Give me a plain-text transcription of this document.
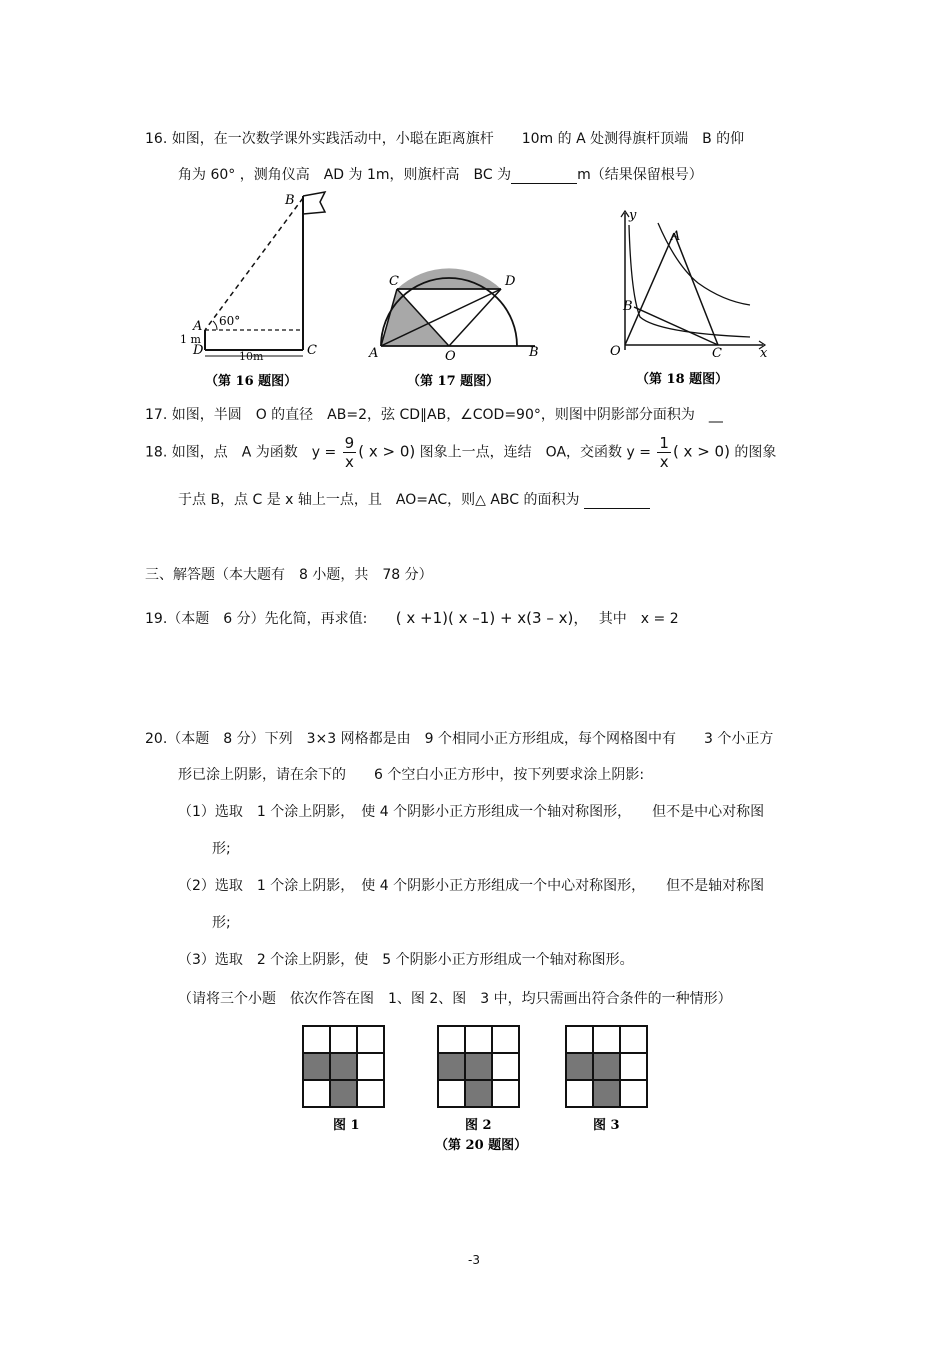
16. 如图，在一次数学课外实践活动中，小聪在距离旗杆　　10m 的 A 处测得旗杆顶端　B 的仰
角为 60° ，测角仪高　AD 为 1m，则旗杆高　BC 为	m（结果保留根号）
B
A
D	C
60°
1 m
10m
（第 16 题图）
C	D
A	O	B
（第 17 题图）
y
A
B
O	C	x
（第 18 题图）
17. 如图，半圆　O 的直径　AB=2，弦 CD∥AB，∠COD=90°，则图中阴影部分面积为　__
18. 如图，点　A 为函数　$y = \frac{9}{x}$ ( x > 0) 图象上一点，连结　OA，交函数 $y = \frac{1}{x}$ ( x > 0) 的图象
于点 B，点 C 是 x 轴上一点，且　AO=AC，则△ ABC 的面积为
三、解答题（本大题有　8 小题，共　78 分）
19.（本题　6 分）先化简，再求值: ( x +1)( x –1) + x(3 – x)， 其中　x = 2
20.（本题　8 分）下列　3×3 网格都是由　9 个相同小正方形组成，每个网格图中有　　3 个小正方
形已涂上阴影，请在余下的　　6 个空白小正方形中，按下列要求涂上阴影:
（1）选取　1 个涂上阴影，　使 4 个阴影小正方形组成一个轴对称图形，　　但不是中心对称图
形;
（2）选取　1 个涂上阴影，　使 4 个阴影小正方形组成一个中心对称图形，　　但不是轴对称图
形;
（3）选取　2 个涂上阴影，使　5 个阴影小正方形组成一个轴对称图形。
（请将三个小题　依次作答在图　1、图 2、图　3 中，均只需画出符合条件的一种情形）
图 1	图 2	图 3
（第 20 题图）
-3
